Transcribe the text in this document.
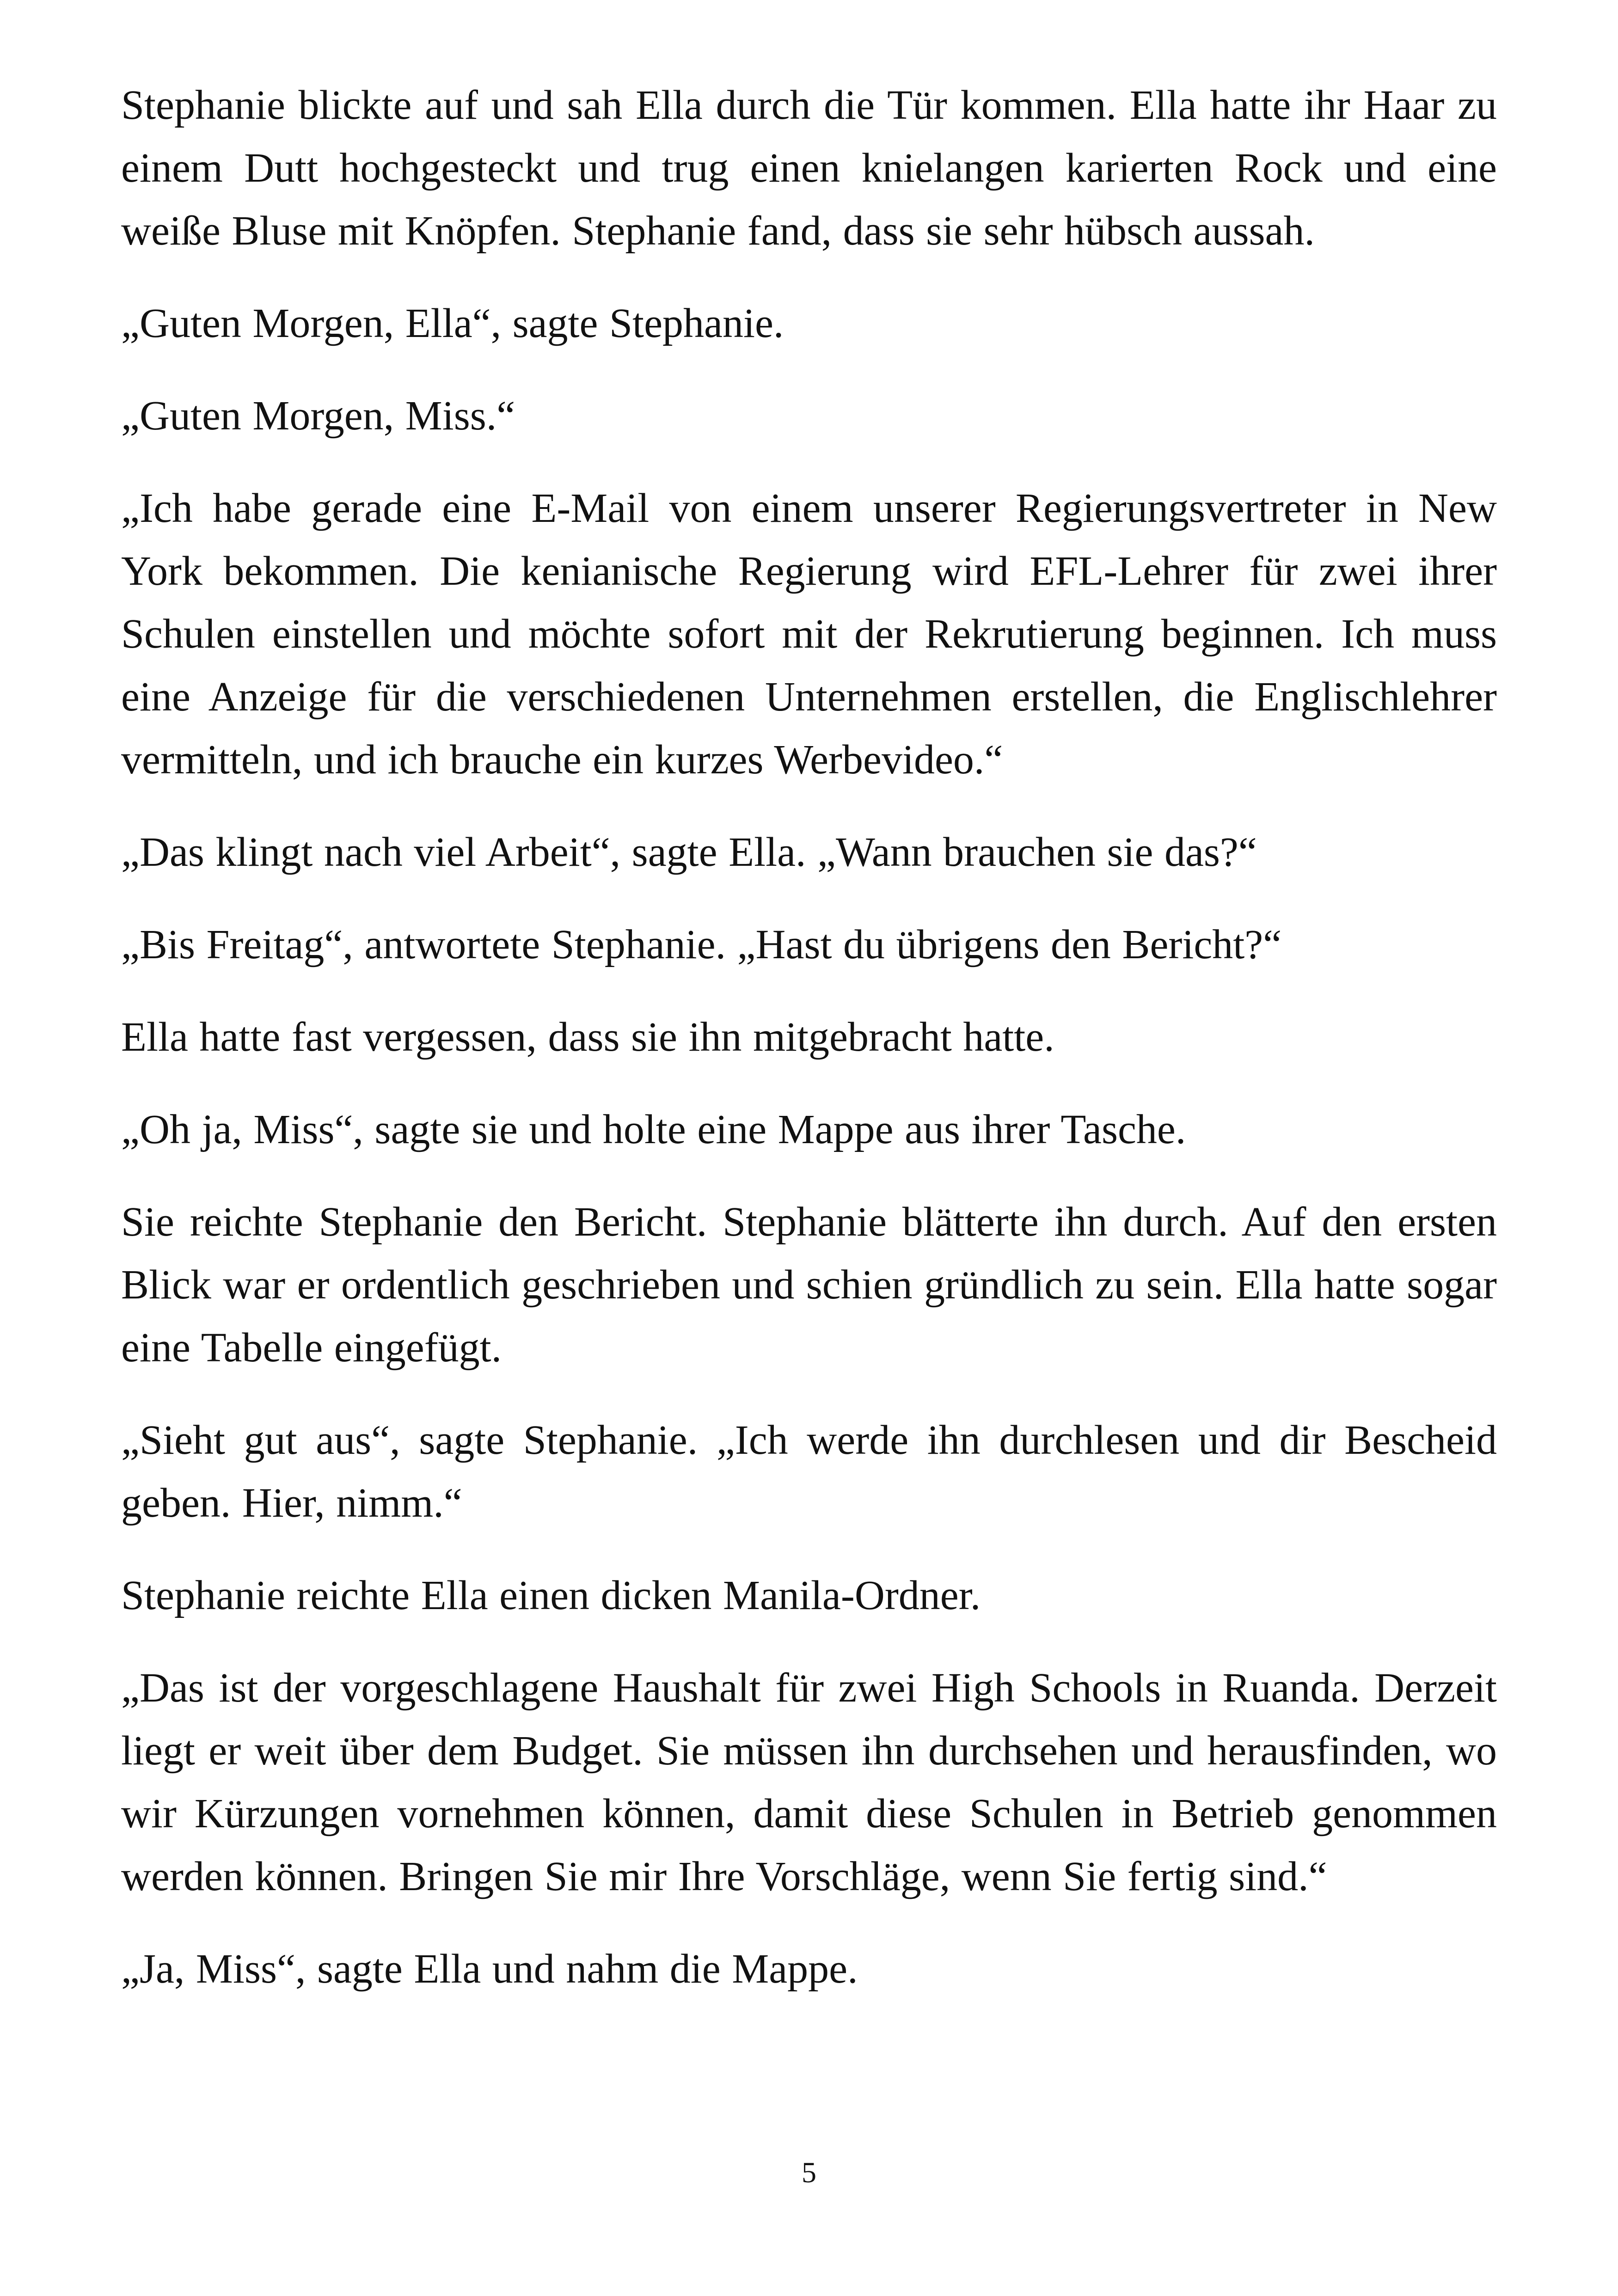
Stephanie blickte auf und sah Ella durch die Tür kommen. Ella hatte ihr Haar zu einem Dutt hochgesteckt und trug einen knielangen karierten Rock und eine weiße Bluse mit Knöpfen. Stephanie fand, dass sie sehr hübsch aussah.

„Guten Morgen, Ella“, sagte Stephanie.

„Guten Morgen, Miss.“

„Ich habe gerade eine E-Mail von einem unserer Regierungsvertreter in New York bekommen. Die kenianische Regierung wird EFL-Lehrer für zwei ihrer Schulen einstellen und möchte sofort mit der Rekrutierung beginnen. Ich muss eine Anzeige für die verschiedenen Unternehmen erstellen, die Englischlehrer vermitteln, und ich brauche ein kurzes Werbevideo.“

„Das klingt nach viel Arbeit“, sagte Ella. „Wann brauchen sie das?“

„Bis Freitag“, antwortete Stephanie. „Hast du übrigens den Bericht?“

Ella hatte fast vergessen, dass sie ihn mitgebracht hatte.

„Oh ja, Miss“, sagte sie und holte eine Mappe aus ihrer Tasche.

Sie reichte Stephanie den Bericht. Stephanie blätterte ihn durch. Auf den ersten Blick war er ordentlich geschrieben und schien gründlich zu sein. Ella hatte sogar eine Tabelle eingefügt.

„Sieht gut aus“, sagte Stephanie. „Ich werde ihn durchlesen und dir Bescheid geben. Hier, nimm.“

Stephanie reichte Ella einen dicken Manila-Ordner.

„Das ist der vorgeschlagene Haushalt für zwei High Schools in Ruanda. Derzeit liegt er weit über dem Budget. Sie müssen ihn durchsehen und herausfinden, wo wir Kürzungen vornehmen können, damit diese Schulen in Betrieb genommen werden können. Bringen Sie mir Ihre Vorschläge, wenn Sie fertig sind.“

„Ja, Miss“, sagte Ella und nahm die Mappe.

5
